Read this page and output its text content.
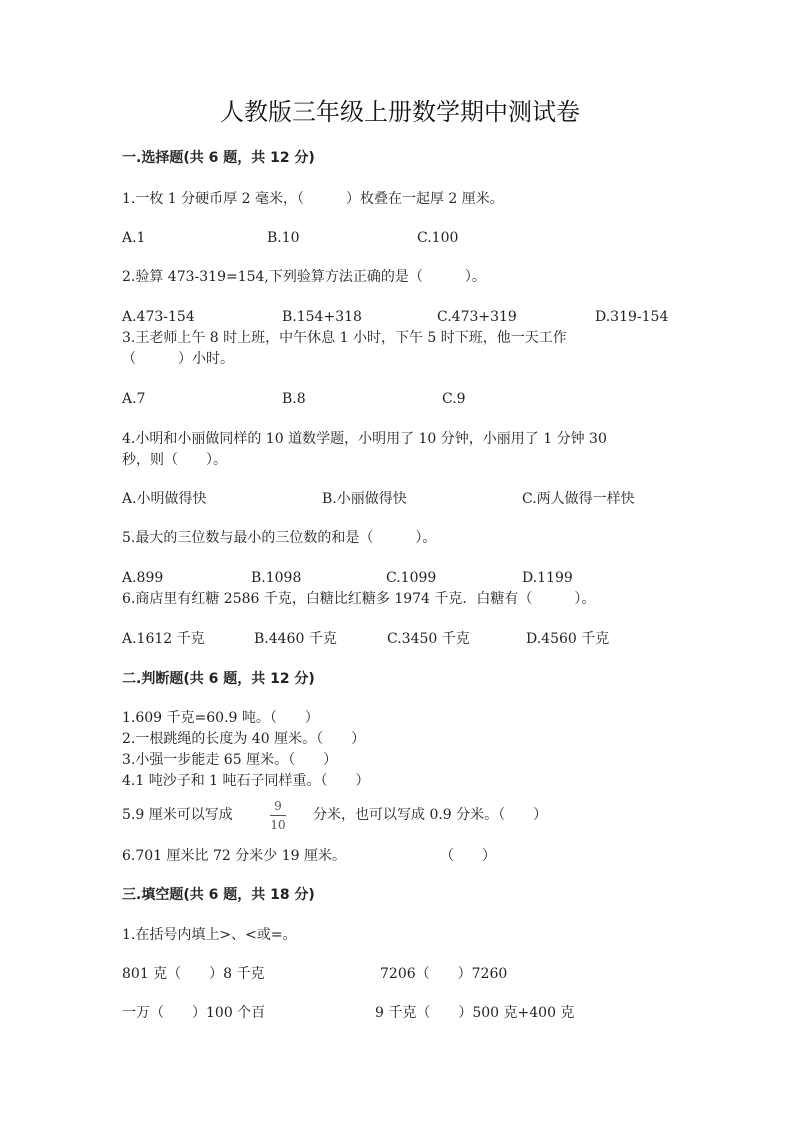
人教版三年级上册数学期中测试卷
一.选择题(共 6 题，共 12 分)
1.一枚 1 分硬币厚 2 毫米，（　　　）枚叠在一起厚 2 厘米。
A.1	B.10	C.100
2.验算 473-319=154,下列验算方法正确的是（　　　）。
A.473-154	B.154+318	C.473+319	D.319-154
3.王老师上午 8 时上班，中午休息 1 小时，下午 5 时下班，他一天工作
（　　　）小时。
A.7	B.8	C.9
4.小明和小丽做同样的 10 道数学题，小明用了 10 分钟，小丽用了 1 分钟 30
秒，则（　　）。
A.小明做得快	B.小丽做得快	C.两人做得一样快
5.最大的三位数与最小的三位数的和是（　　　）。
A.899	B.1098	C.1099	D.1199
6.商店里有红糖 2586 千克，白糖比红糖多 1974 千克．白糖有（　　　）。
A.1612 千克	B.4460 千克	C.3450 千克	D.4560 千克
二.判断题(共 6 题，共 12 分)
1.609 千克=60.9 吨。（　　）
2.一根跳绳的长度为 40 厘米。（　　）
3.小强一步能走 65 厘米。（　　）
4.1 吨沙子和 1 吨石子同样重。（　　）
5.9 厘米可以写成
9
10
分米，也可以写成 0.9 分米。（　　）
6.701 厘米比 72 分米少 19 厘米。	（　　）
三.填空题(共 6 题，共 18 分)
1.在括号内填上>、<或=。
801 克（　　）8 千克	7206（　　）7260
一万（　　）100 个百	9 千克（　　）500 克+400 克
